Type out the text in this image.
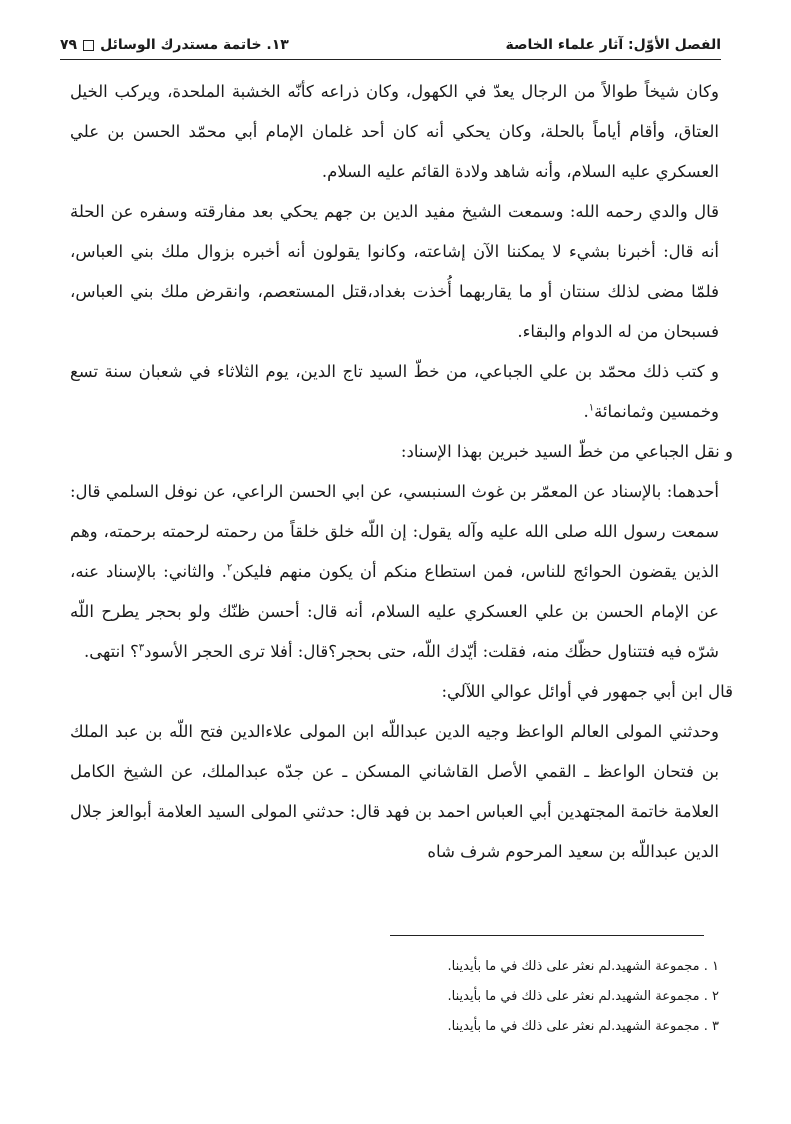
الفصل الأوّل: آثار علماء الخاصة
١٣. خاتمة مستدرك الوسائل
٧٩

وكان شيخاً طوالاً من الرجال يعدّ في الكهول، وكان ذراعه كأنّه الخشبة الملحدة، ويركب الخيل العتاق، وأقام أياماً بالحلة، وكان يحكي أنه كان أحد غلمان الإمام أبي محمّد الحسن بن علي العسكري عليه السلام، وأنه شاهد ولادة القائم عليه السلام.

قال والدي رحمه الله: وسمعت الشيخ مفيد الدين بن جهم يحكي بعد مفارقته وسفره عن الحلة أنه قال: أخبرنا بشيء لا يمكننا الآن إشاعته، وكانوا يقولون أنه أخبره بزوال ملك بني العباس، فلمّا مضى لذلك سنتان أو ما يقاربهما أُخذت بغداد،قتل المستعصم، وانقرض ملك بني العباس، فسبحان من له الدوام والبقاء.

و كتب ذلك محمّد بن علي الجباعي، من خطّ السيد تاج الدين، يوم الثلاثاء في شعبان سنة تسع وخمسين وثمانمائة$^١$.

و نقل الجباعي من خطّ السيد خبرين بهذا الإسناد:

أحدهما: بالإسناد عن المعمّر بن غوث السنبسي، عن ابي الحسن الراعي، عن نوفل السلمي قال: سمعت رسول الله صلى الله عليه وآله يقول: إن اللّه خلق خلقاً من رحمته لرحمته برحمته، وهم الذين يقضون الحوائج للناس، فمن استطاع منكم أن يكون منهم فليكن$^٢$. والثاني: بالإسناد عنه، عن الإمام الحسن بن علي العسكري عليه السلام، أنه قال: أحسن ظنّك ولو بحجر يطرح اللّه شرّه فيه فتتناول حظّك منه، فقلت: أيّدك اللّه، حتى بحجر؟قال: أفلا ترى الحجر الأسود$^٣$؟ انتهى.

قال ابن أبي جمهور في أوائل عوالي اللآلي:

وحدثني المولى العالم الواعظ وجيه الدين عبداللّه ابن المولى علاءالدين فتح اللّه بن عبد الملك بن فتحان الواعظ ـ القمي الأصل القاشاني المسكن ـ عن جدّه عبدالملك، عن الشيخ الكامل العلامة خاتمة المجتهدين أبي العباس احمد بن فهد قال: حدثني المولى السيد العلامة أبوالعز جلال الدين عبداللّه بن سعيد المرحوم شرف شاه

١ . مجموعة الشهيد.لم نعثر على ذلك في ما بأيدينا.

٢ . مجموعة الشهيد.لم نعثر على ذلك في ما بأيدينا.

٣ . مجموعة الشهيد.لم نعثر على ذلك في ما بأيدينا.
